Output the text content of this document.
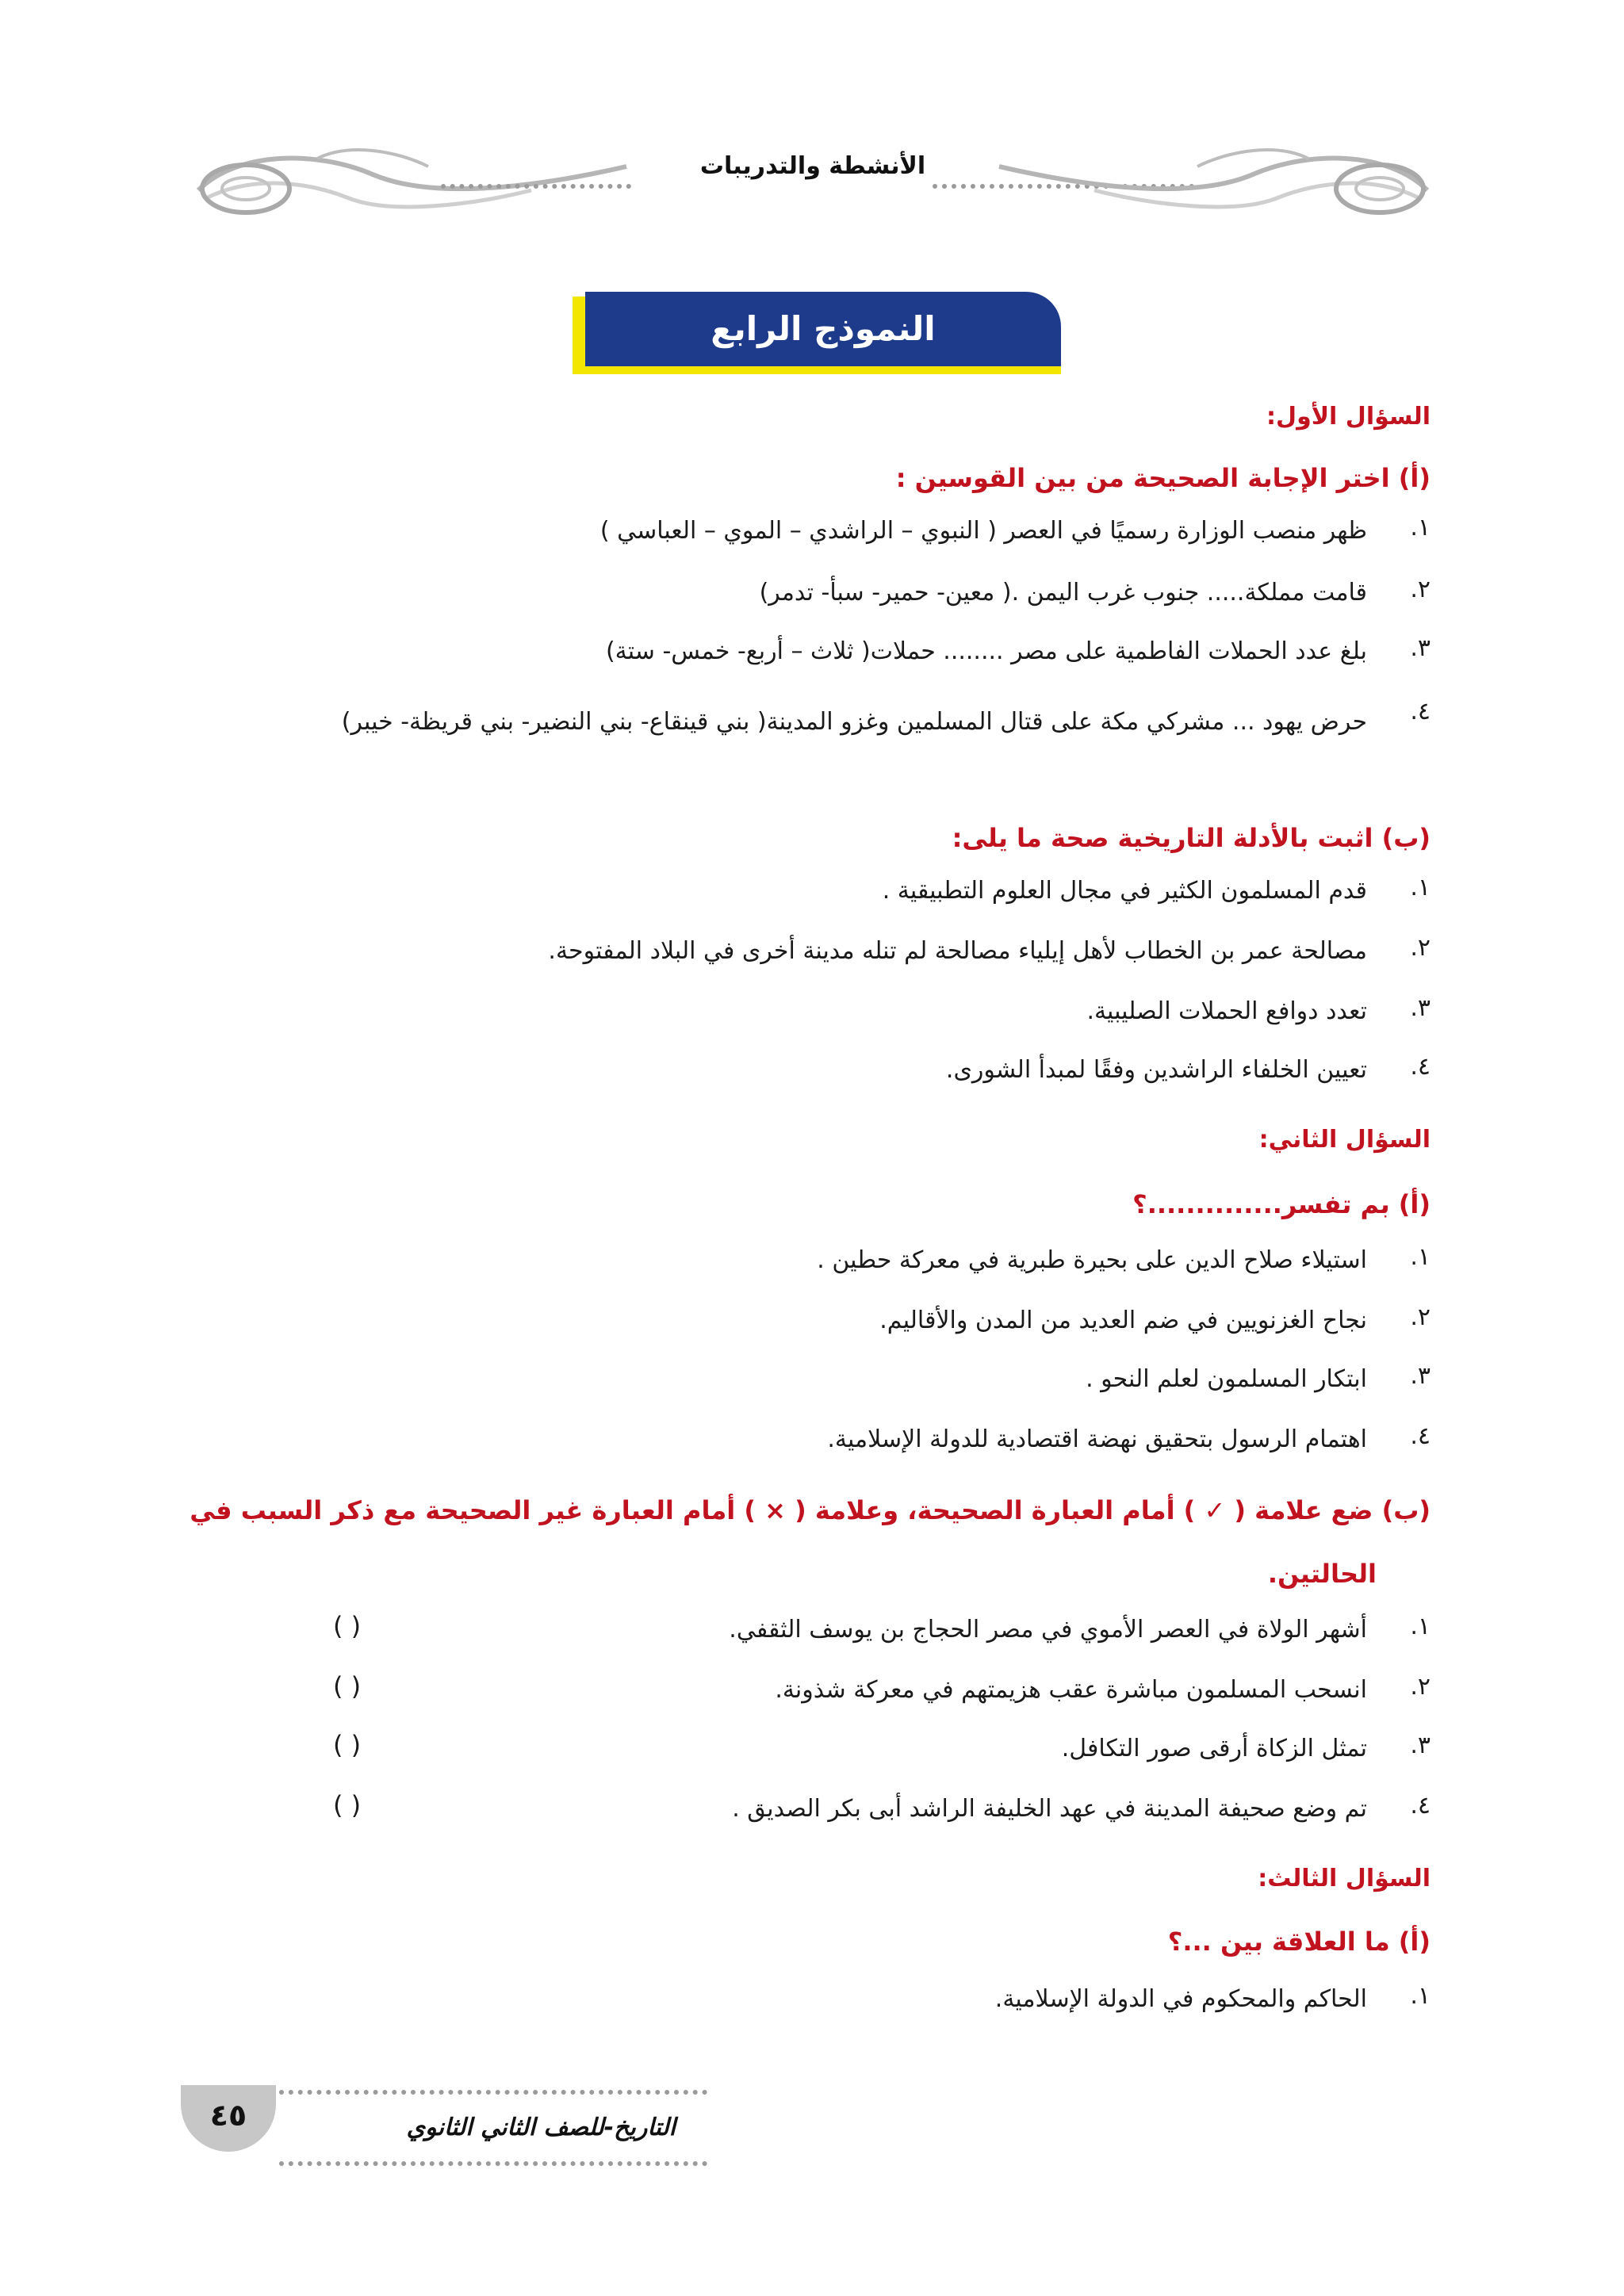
الأنشطة والتدريبات
النموذج الرابع
السؤال الأول:
(أ) اختر الإجابة الصحيحة من بين القوسين :
١.
ظهر منصب الوزارة رسميًا في العصر ( النبوي – الراشدي – الموي – العباسي )
٢.
قامت مملكة..... جنوب غرب اليمن .( معين- حمير- سبأ- تدمر)
٣.
بلغ عدد الحملات الفاطمية على مصر ........ حملات( ثلاث – أربع- خمس- ستة)
٤.
حرض يهود ... مشركي مكة على قتال المسلمين وغزو المدينة( بني قينقاع- بني النضير- بني قريظة- خيبر)
(ب) اثبت بالأدلة التاريخية صحة ما يلى:
١.
قدم المسلمون الكثير في مجال العلوم التطبيقية .
٢.
مصالحة عمر بن الخطاب لأهل إيلياء مصالحة لم تنله مدينة أخرى في البلاد المفتوحة.
٣.
تعدد دوافع الحملات الصليبية.
٤.
تعيين الخلفاء الراشدين وفقًا لمبدأ الشورى.
السؤال الثاني:
(أ) بم تفسر..............؟
١.
استيلاء صلاح الدين على بحيرة طبرية في معركة حطين .
٢.
نجاح الغزنويين في ضم العديد من المدن والأقاليم.
٣.
ابتكار المسلمون لعلم النحو .
٤.
اهتمام الرسول بتحقيق نهضة اقتصادية للدولة الإسلامية.
(ب) ضع علامة ( ✓ ) أمام العبارة الصحيحة، وعلامة ( × ) أمام العبارة غير الصحيحة مع ذكر السبب في
الحالتين.
١.
أشهر الولاة في العصر الأموي في مصر الحجاج بن يوسف الثقفي.
( )
٢.
انسحب المسلمون مباشرة عقب هزيمتهم في معركة شذونة.
( )
٣.
تمثل الزكاة أرقى صور التكافل.
( )
٤.
تم وضع صحيفة المدينة في عهد الخليفة الراشد أبى بكر الصديق .
( )
السؤال الثالث:
(أ) ما العلاقة بين ...؟
١.
الحاكم والمحكوم في الدولة الإسلامية.
٤٥	التاريخ-للصف الثاني الثانوي
